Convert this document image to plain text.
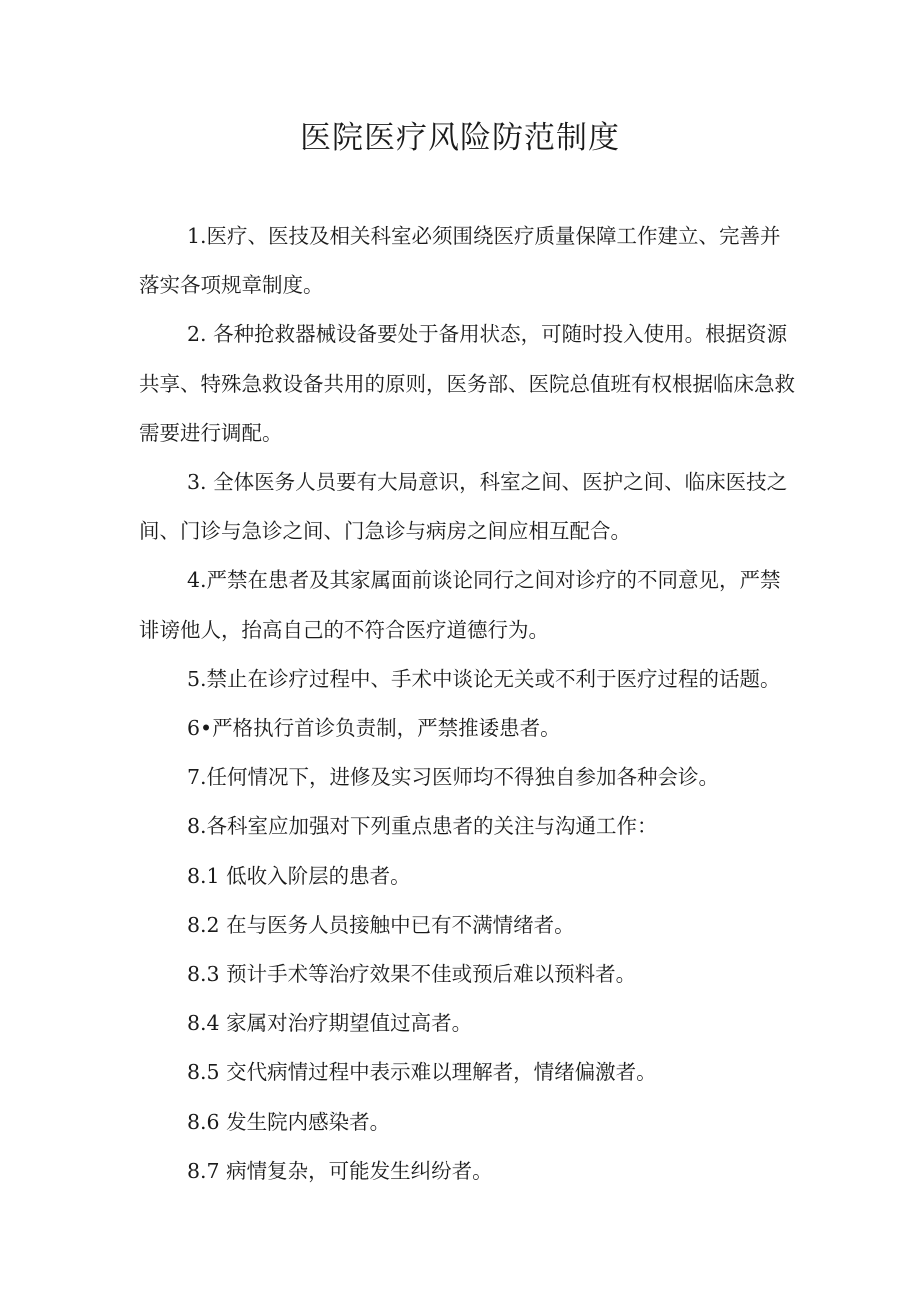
医院医疗风险防范制度

1.医疗、医技及相关科室必须围绕医疗质量保障工作建立、完善并落实各项规章制度。

2. 各种抢救器械设备要处于备用状态，可随时投入使用。根据资源共享、特殊急救设备共用的原则，医务部、医院总值班有权根据临床急救需要进行调配。

3. 全体医务人员要有大局意识，科室之间、医护之间、临床医技之间、门诊与急诊之间、门急诊与病房之间应相互配合。

4.严禁在患者及其家属面前谈论同行之间对诊疗的不同意见，严禁诽谤他人，抬高自己的不符合医疗道德行为。

5.禁止在诊疗过程中、手术中谈论无关或不利于医疗过程的话题。

6•严格执行首诊负责制，严禁推诿患者。

7.任何情况下，进修及实习医师均不得独自参加各种会诊。

8.各科室应加强对下列重点患者的关注与沟通工作：

8.1 低收入阶层的患者。

8.2 在与医务人员接触中已有不满情绪者。

8.3 预计手术等治疗效果不佳或预后难以预料者。

8.4 家属对治疗期望值过高者。

8.5 交代病情过程中表示难以理解者，情绪偏激者。

8.6 发生院内感染者。

8.7 病情复杂，可能发生纠纷者。
